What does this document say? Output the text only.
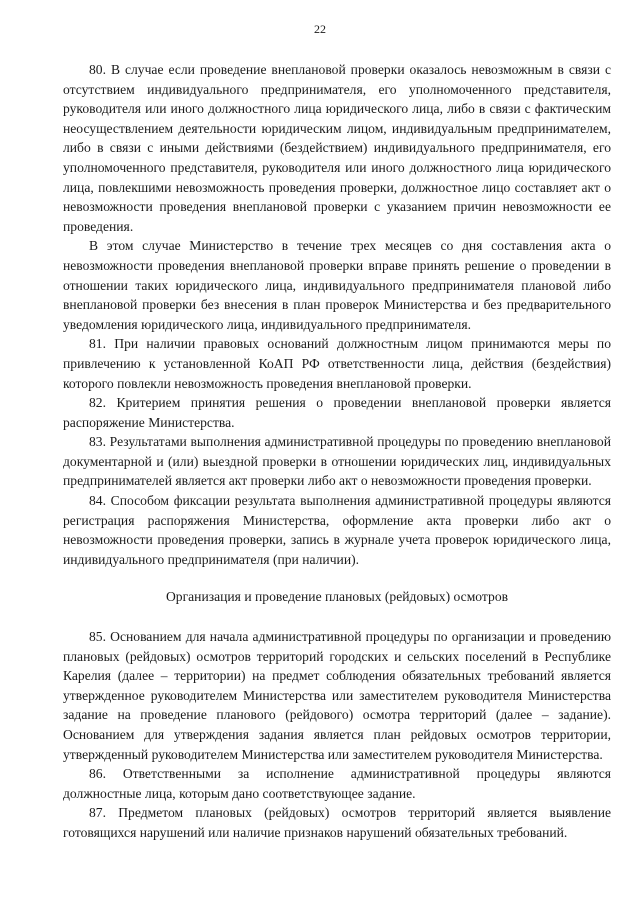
22

80. В случае если проведение внеплановой проверки оказалось невозможным в связи с отсутствием индивидуального предпринимателя, его уполномоченного представителя, руководителя или иного должностного лица юридического лица, либо в связи с фактическим неосуществлением деятельности юридическим лицом, индивидуальным предпринимателем, либо в связи с иными действиями (бездействием) индивидуального предпринимателя, его уполномоченного представителя, руководителя или иного должностного лица юридического лица, повлекшими невозможность проведения проверки, должностное лицо составляет акт о невозможности проведения внеплановой проверки с указанием причин невозможности ее проведения.

В этом случае Министерство в течение трех месяцев со дня составления акта о невозможности проведения внеплановой проверки вправе принять решение о проведении в отношении таких юридического лица, индивидуального предпринимателя плановой либо внеплановой проверки без внесения в план проверок Министерства и без предварительного уведомления юридического лица, индивидуального предпринимателя.

81. При наличии правовых оснований должностным лицом принимаются меры по привлечению к установленной КоАП РФ ответственности лица, действия (бездействия) которого повлекли невозможность проведения внеплановой проверки.

82. Критерием принятия решения о проведении внеплановой проверки является распоряжение Министерства.

83. Результатами выполнения административной процедуры по проведению внеплановой документарной и (или) выездной проверки в отношении юридических лиц, индивидуальных предпринимателей является акт проверки либо акт о невозможности проведения проверки.

84. Способом фиксации результата выполнения административной процедуры являются регистрация распоряжения Министерства, оформление акта проверки либо акт о невозможности проведения проверки, запись в журнале учета проверок юридического лица, индивидуального предпринимателя (при наличии).

Организация и проведение плановых (рейдовых) осмотров

85. Основанием для начала административной процедуры по организации и проведению плановых (рейдовых) осмотров территорий городских и сельских поселений в Республике Карелия (далее – территории) на предмет соблюдения обязательных требований является утвержденное руководителем Министерства или заместителем руководителя Министерства задание на проведение планового (рейдового) осмотра территорий (далее – задание). Основанием для утверждения задания является план рейдовых осмотров территории, утвержденный руководителем Министерства или заместителем руководителя Министерства.

86. Ответственными за исполнение административной процедуры являются должностные лица, которым дано соответствующее задание.

87. Предметом плановых (рейдовых) осмотров территорий является выявление готовящихся нарушений или наличие признаков нарушений обязательных требований.
